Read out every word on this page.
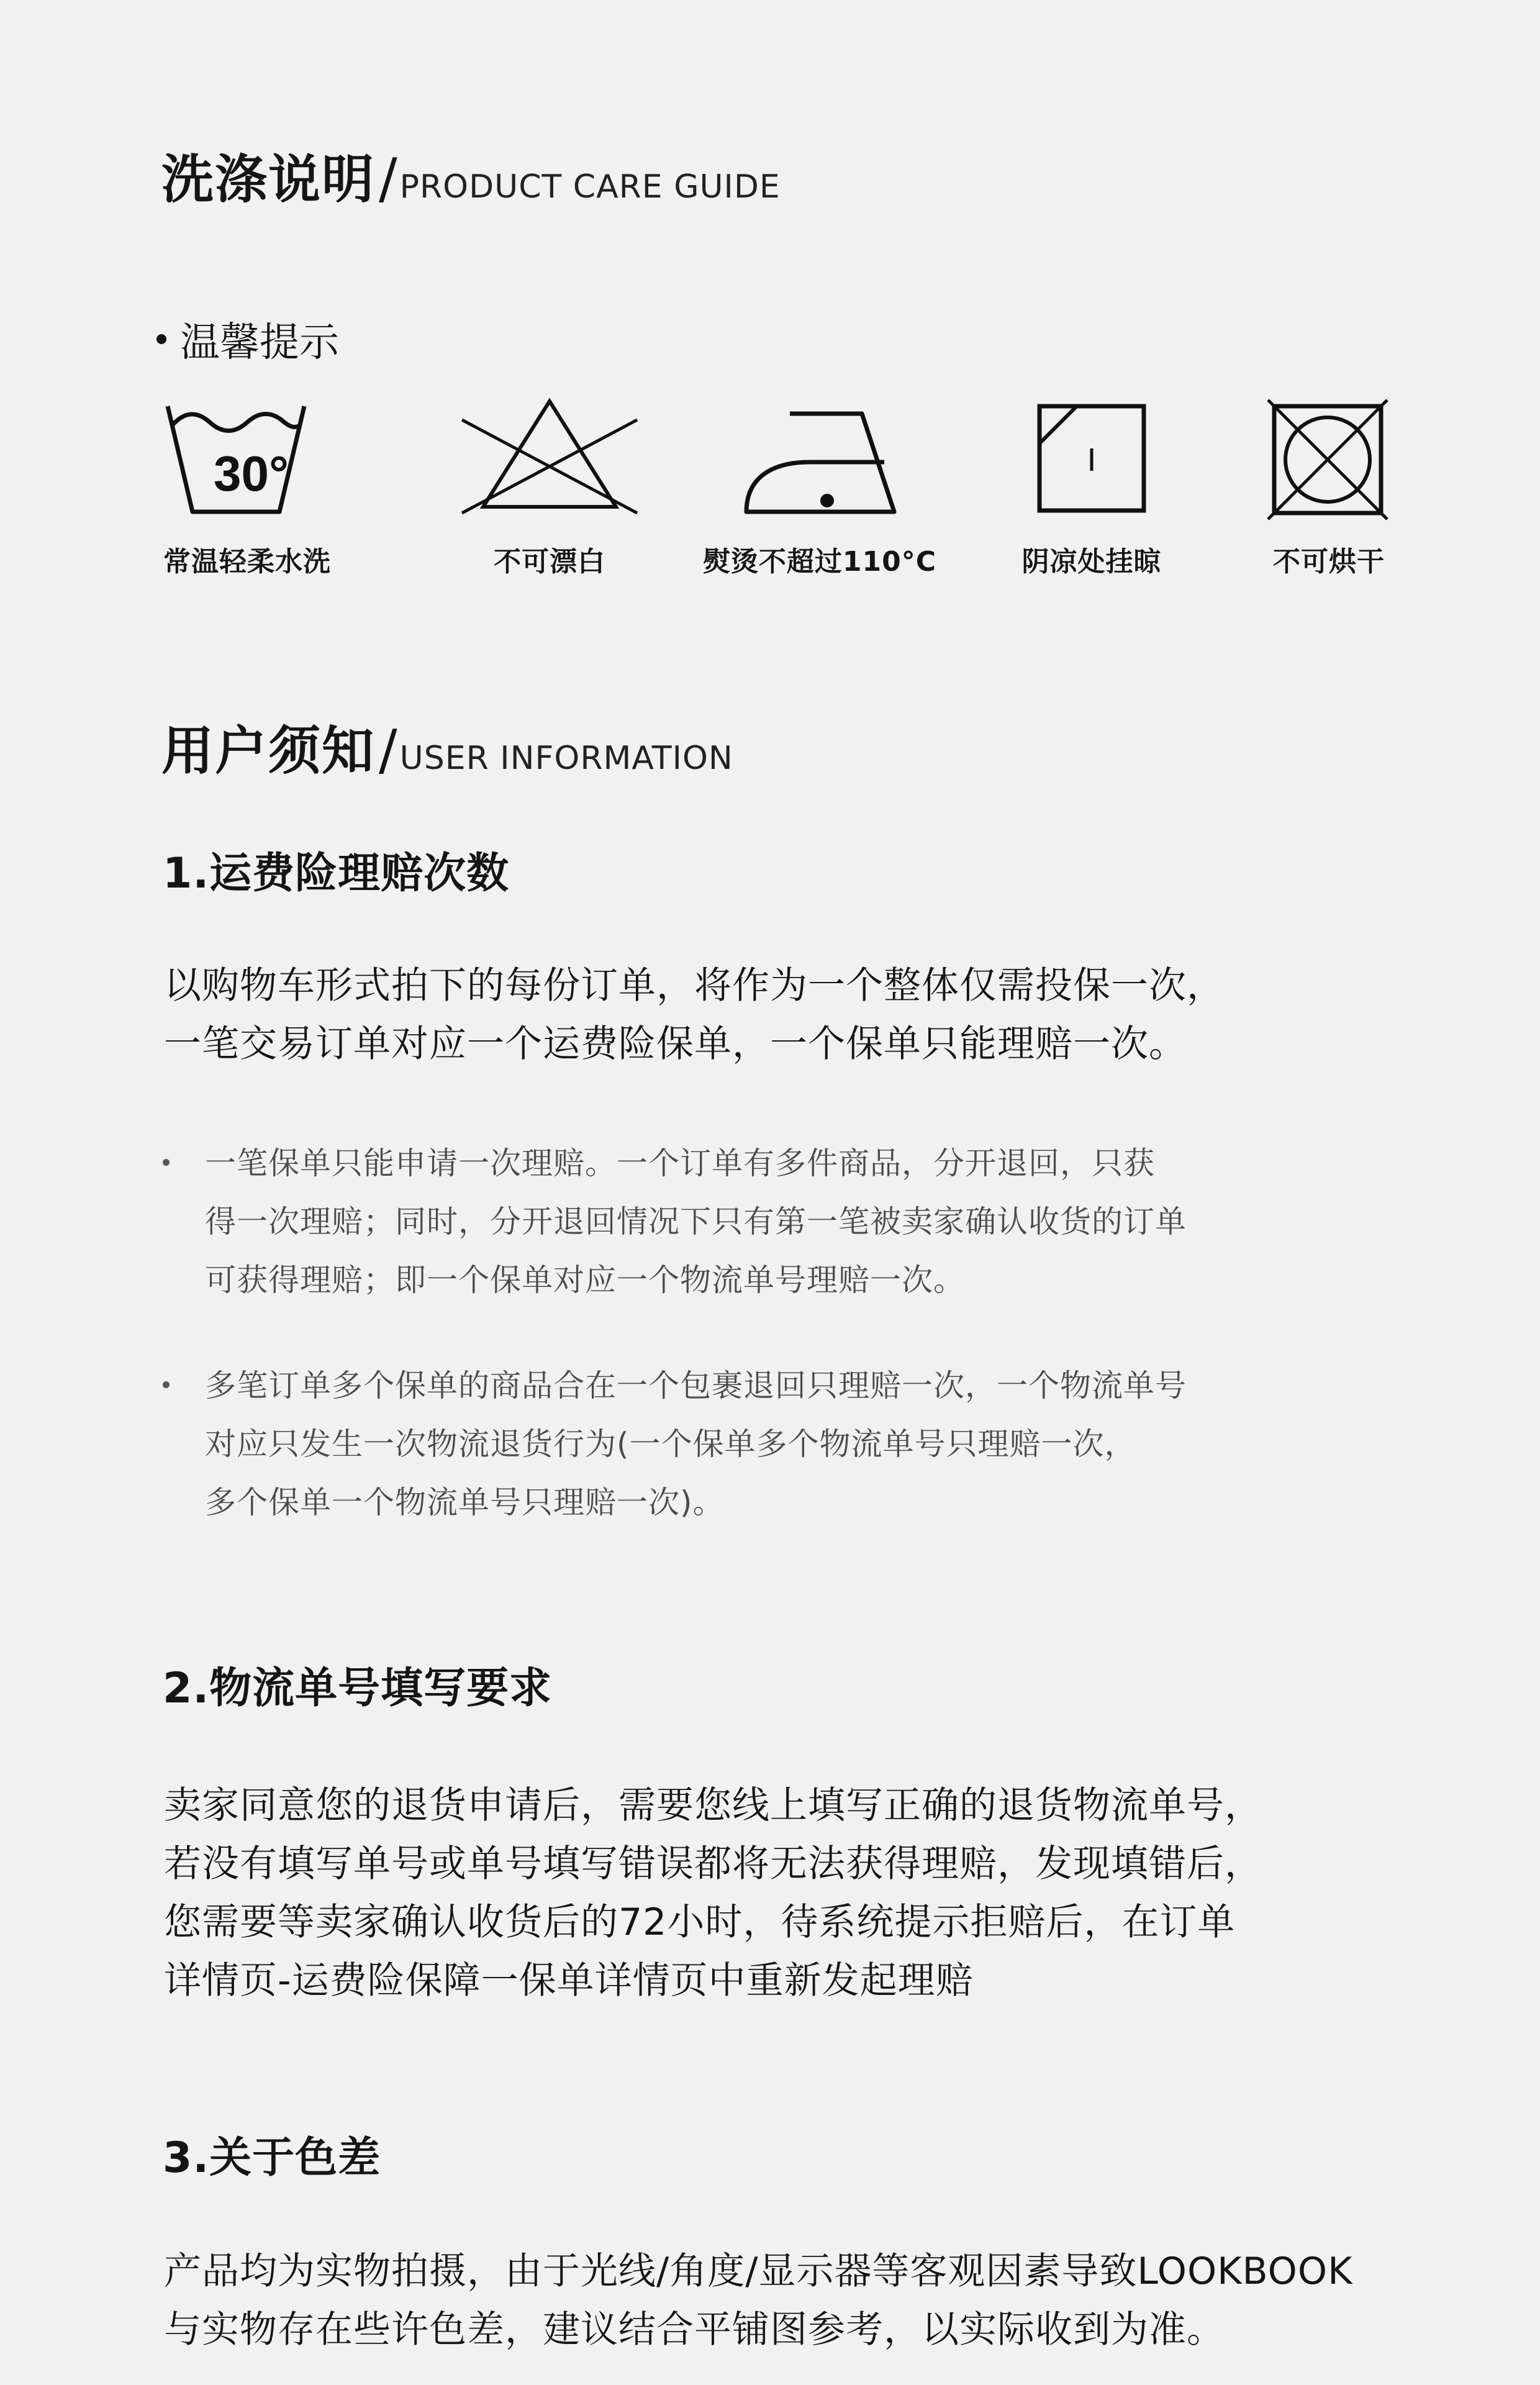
洗涤说明 / PRODUCT CARE GUIDE
温馨提示
30°
常温轻柔水洗	不可漂白	熨烫不超过110°C	阴凉处挂晾	不可烘干
用户须知 / USER INFORMATION
1.运费险理赔次数
以购物车形式拍下的每份订单，将作为一个整体仅需投保一次，
一笔交易订单对应一个运费险保单，一个保单只能理赔一次。
一笔保单只能申请一次理赔。一个订单有多件商品，分开退回，只获
得一次理赔；同时，分开退回情况下只有第一笔被卖家确认收货的订单
可获得理赔；即一个保单对应一个物流单号理赔一次。
多笔订单多个保单的商品合在一个包裹退回只理赔一次，一个物流单号
对应只发生一次物流退货行为(一个保单多个物流单号只理赔一次，
多个保单一个物流单号只理赔一次)。
2.物流单号填写要求
卖家同意您的退货申请后，需要您线上填写正确的退货物流单号，
若没有填写单号或单号填写错误都将无法获得理赔，发现填错后，
您需要等卖家确认收货后的72小时，待系统提示拒赔后，在订单
详情页-运费险保障一保单详情页中重新发起理赔
3.关于色差
产品均为实物拍摄，由于光线/角度/显示器等客观因素导致LOOKBOOK
与实物存在些许色差，建议结合平铺图参考，以实际收到为准。
